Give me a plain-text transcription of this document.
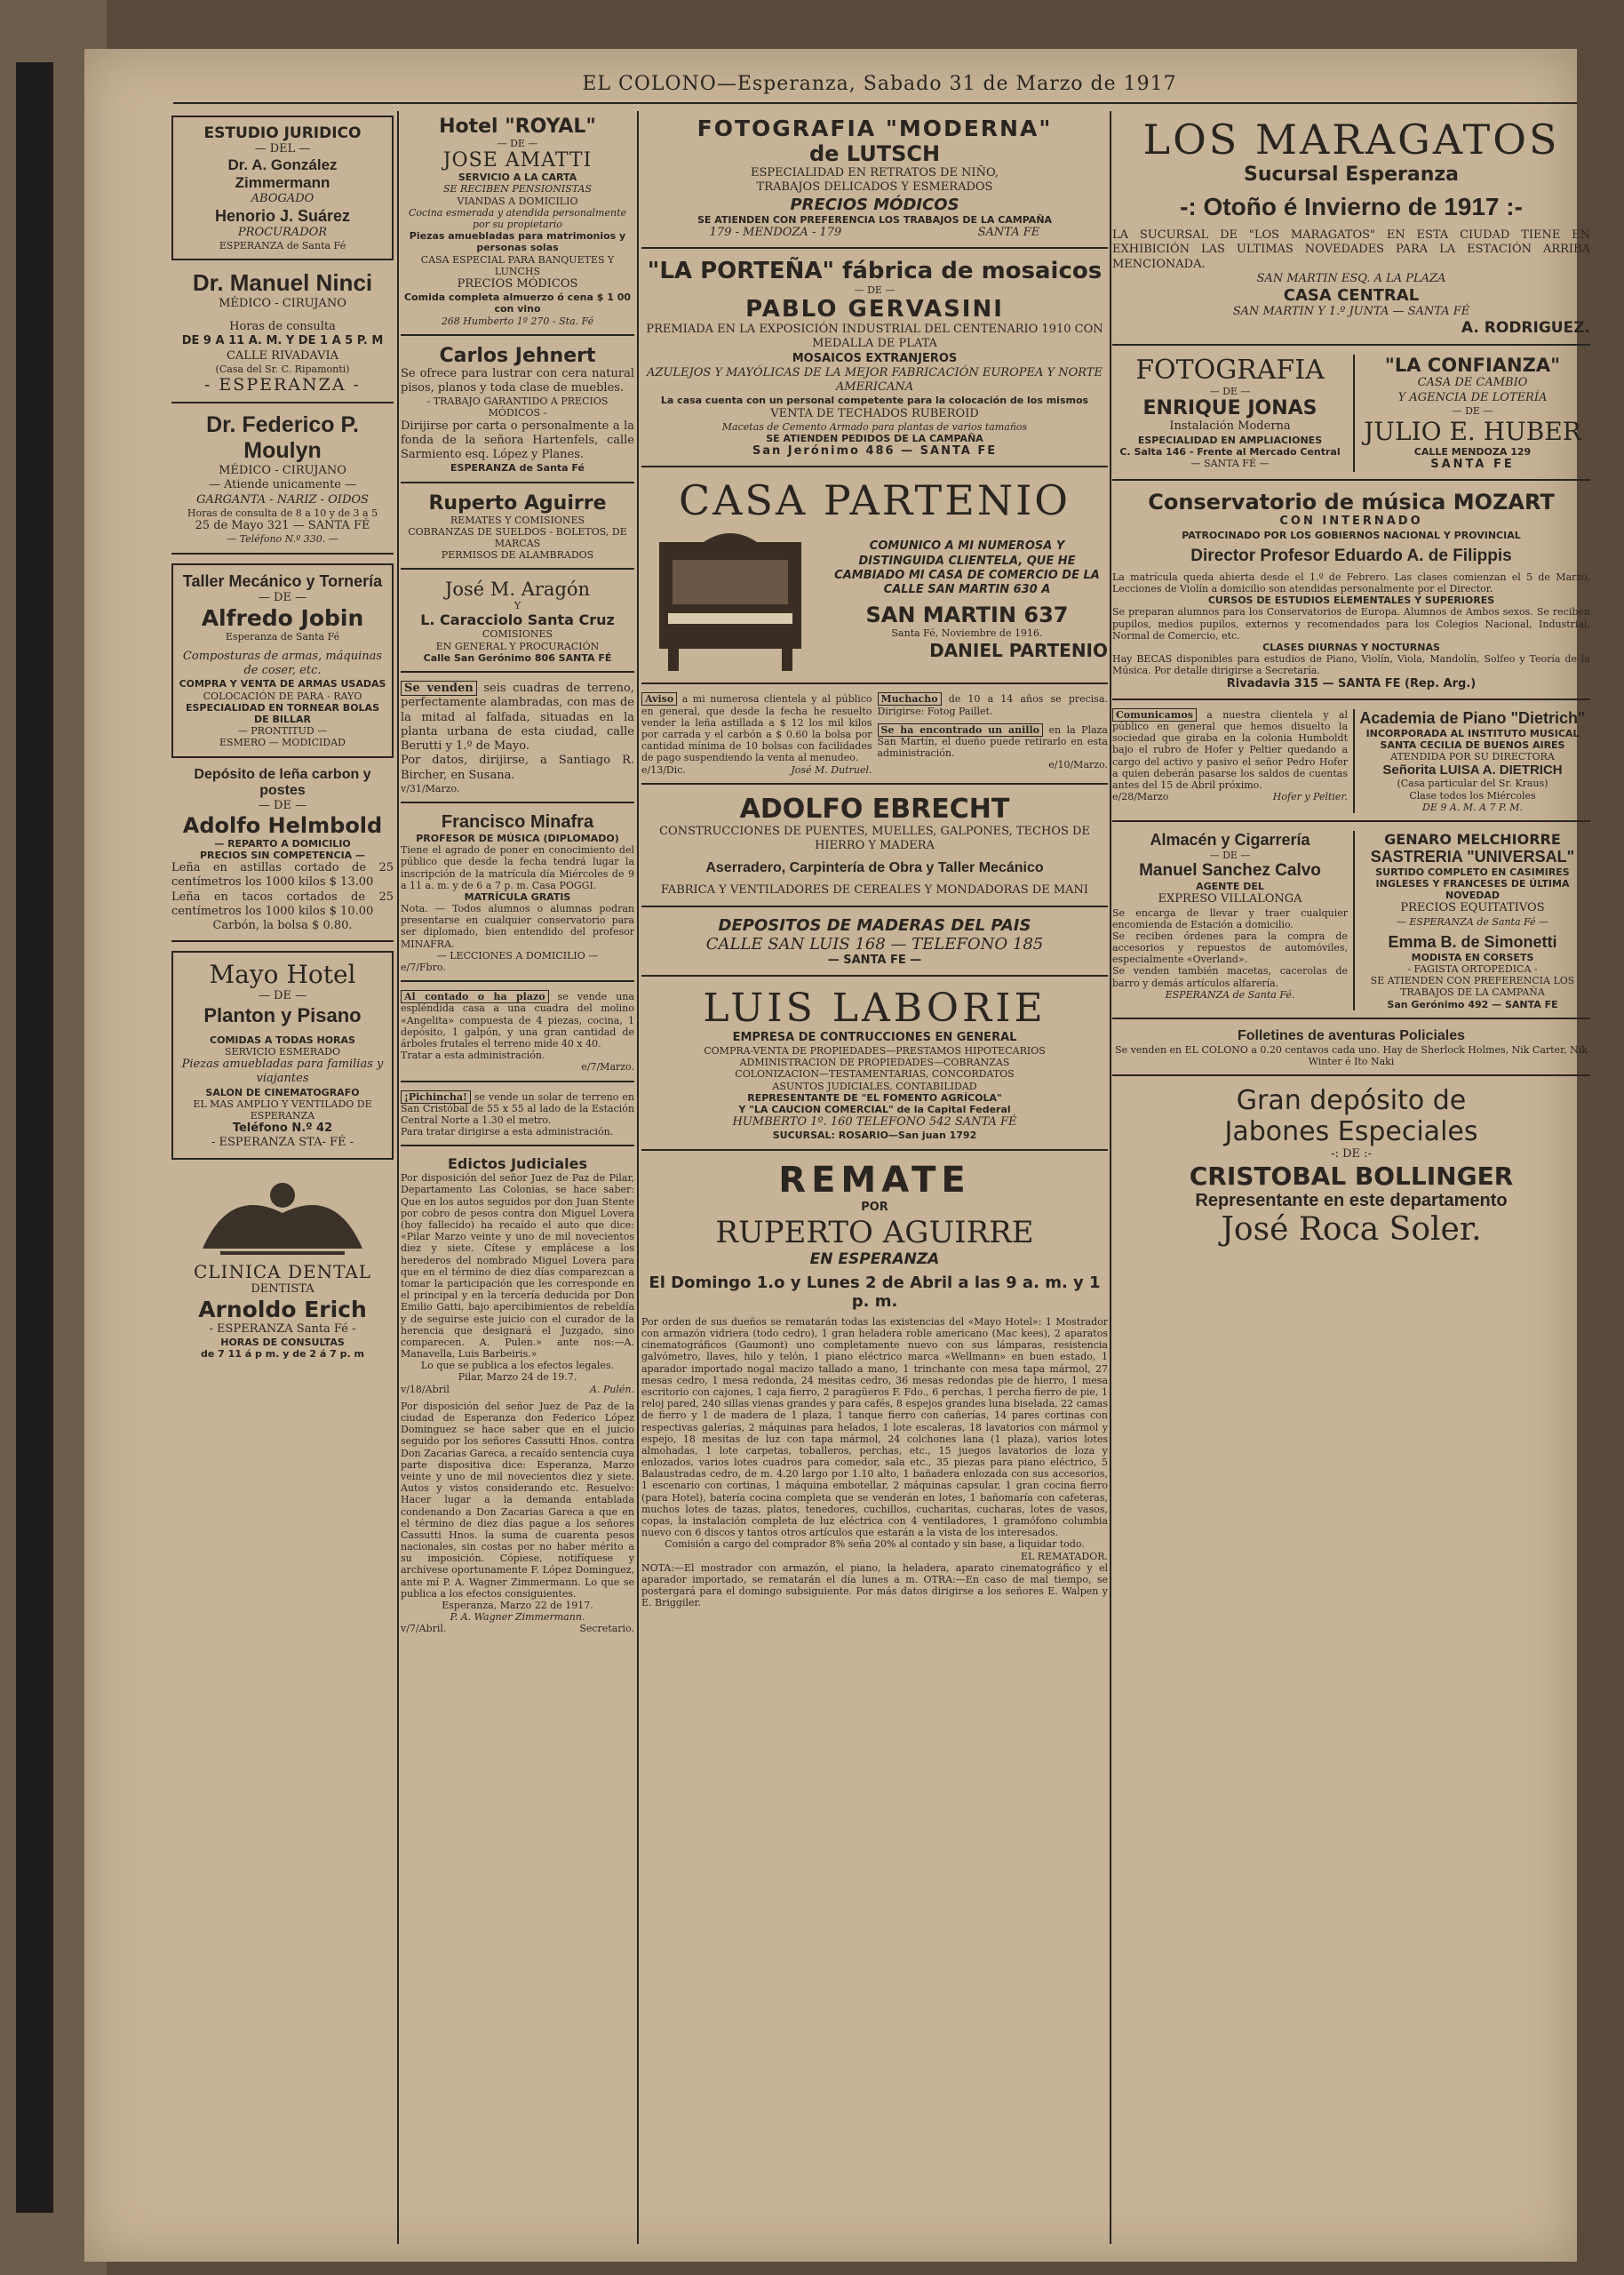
EL COLONO—Esperanza, Sabado 31 de Marzo de 1917
ESTUDIO JURIDICO
— DEL —
Dr. A. González Zimmermann
ABOGADO
Henorio J. Suárez
PROCURADOR
ESPERANZA de Santa Fé
Dr. Manuel Ninci
MÉDICO - CIRUJANO
Horas de consulta
DE 9 A 11 A. M. Y DE 1 A 5 P. M
CALLE RIVADAVIA
(Casa del Sr. C. Ripamonti)
- ESPERANZA -
Dr. Federico P. Moulyn
MÉDICO - CIRUJANO
— Atiende unicamente —
GARGANTA - NARIZ - OIDOS
Horas de consulta de 8 a 10 y de 3 a 5
25 de Mayo 321 — SANTA FÉ
— Teléfono N.º 330. —
Taller Mecánico y Tornería
— DE —
Alfredo Jobin
Esperanza de Santa Fé
Composturas de armas, máquinas de coser, etc.
COMPRA Y VENTA DE ARMAS USADAS
COLOCACIÓN DE PARA - RAYO
ESPECIALIDAD EN TORNEAR BOLAS DE BILLAR
— PRONTITUD —
ESMERO — MODICIDAD
Depósito de leña carbon y postes
— DE —
Adolfo Helmbold
— REPARTO A DOMICILIO
PRECIOS SIN COMPETENCIA —
Leña en astillas cortado de 25 centímetros los 1000 kilos $ 13.00
Leña en tacos cortados de 25 centímetros los 1000 kilos $ 10.00
Carbón, la bolsa $ 0.80.
Mayo Hotel
— DE —
Planton y Pisano
COMIDAS A TODAS HORAS
SERVICIO ESMERADO
Piezas amuebladas para familias y viajantes
SALON DE CINEMATOGRAFO
EL MAS AMPLIO Y VENTILADO DE ESPERANZA
Teléfono N.º 42
- ESPERANZA STA- FÉ -
CLINICA DENTAL
DENTISTA
Arnoldo Erich
- ESPERANZA Santa Fé -
HORAS DE CONSULTAS
de 7 11 á p m. y de 2 á 7 p. m
Hotel "ROYAL"
— DE —
JOSE AMATTI
SERVICIO A LA CARTA
SE RECIBEN PENSIONISTAS
VIANDAS A DOMICILIO
Cocina esmerada y atendida personalmente por su propietario
Piezas amuebladas para matrimonios y personas solas
CASA ESPECIAL PARA BANQUETES Y LUNCHS
PRECIOS MÓDICOS
Comida completa almuerzo ó cena $ 1 00 con vino
268 Humberto 1º 270 - Sta. Fé
Carlos Jehnert
Se ofrece para lustrar con cera natural pisos, planos y toda clase de muebles.
- TRABAJO GARANTIDO A PRECIOS MÓDICOS -
Dirijirse por carta o personalmente a la fonda de la señora Hartenfels, calle Sarmiento esq. López y Planes.
ESPERANZA de Santa Fé
Ruperto Aguirre
REMATES Y COMISIONES
COBRANZAS DE SUELDOS - BOLETOS, DE MARCAS
PERMISOS DE ALAMBRADOS
José M. Aragón
Y
L. Caracciolo Santa Cruz
COMISIONES
EN GENERAL Y PROCURACIÓN
Calle San Gerónimo 806 SANTA FÉ
Se venden seis cuadras de terreno, perfectamente alambradas, con mas de la mitad al falfada, situadas en la planta urbana de esta ciudad, calle Berutti y 1.º de Mayo.
Por datos, dirijirse, a Santiago R. Bircher, en Susana.
v/31/Marzo.
Francisco Minafra
PROFESOR DE MÚSICA (DIPLOMADO)
Tiene el agrado de poner en conocimiento del público que desde la fecha tendrá lugar la inscripción de la matrícula día Miércoles de 9 a 11 a. m. y de 6 a 7 p. m. Casa POGGI.
MATRÍCULA GRATIS
Nota. — Todos alumnos o alumnas podran presentarse en cualquier conservatorio para ser diplomado, bien entendido del profesor MINAFRA.
— LECCIONES A DOMICILIO —
e/7/Fbro.
Al contado o ha plazo se vende una espléndida casa a una cuadra del molino «Angelita» compuesta de 4 piezas, cocina, 1 depósito, 1 galpón, y una gran cantidad de árboles frutales el terreno mide 40 x 40.
Tratar a esta administración.
e/7/Marzo.
¡Pichincha! se vende un solar de terreno en San Cristóbal de 55 x 55 al lado de la Estación Central Norte a 1.30 el metro.
Para tratar dirigirse a esta administración.
Edictos Judiciales
Por disposición del señor Juez de Paz de Pilar, Departamento Las Colonias, se hace saber: Que en los autos seguidos por don Juan Stente por cobro de pesos contra don Miguel Lovera (hoy fallecido) ha recaído el auto que dice: «Pilar Marzo veinte y uno de mil novecientos diez y siete. Cítese y emplácese a los herederos del nombrado Miguel Lovera para que en el término de diez días comparezcan a tomar la participación que les corresponde en el principal y en la tercería deducida por Don Emilio Gatti, bajo apercibimientos de rebeldía y de seguirse este juicio con el curador de la herencia que designará el Juzgado, sino comparecen. A. Pulen.» ante nos:—A. Manavella, Luis Barbeiris.»
Lo que se publica a los efectos legales.
Pilar, Marzo 24 de 19.7.
v/18/Abril	A. Pulén.
Por disposición del señor Juez de Paz de la ciudad de Esperanza don Federico López Dominguez se hace saber que en el juicio seguido por los señores Cassutti Hnos. contra Don Zacarias Gareca, a recaído sentencia cuya parte dispositiva dice: Esperanza, Marzo veinte y uno de mil novecientos diez y siete. Autos y vistos considerando etc. Resuelvo: Hacer lugar a la demanda entablada condenando a Don Zacarias Gareca a que en el término de diez días pague a los señores Cassutti Hnos. la suma de cuarenta pesos nacionales, sin costas por no haber mérito a su imposición. Cópiese, notifíquese y archívese oportunamente F. López Dominguez, ante mí P. A. Wagner Zimmermann. Lo que se publica a los efectos consiguientes.
Esperanza, Marzo 22 de 1917.
P. A. Wagner Zimmermann.
v/7/Abril.	Secretario.
FOTOGRAFIA "MODERNA"
de LUTSCH
ESPECIALIDAD EN RETRATOS DE NIÑO,
TRABAJOS DELICADOS Y ESMERADOS
PRECIOS MÓDICOS
SE ATIENDEN CON PREFERENCIA LOS TRABAJOS DE LA CAMPAÑA
179 - MENDOZA - 179	SANTA FE
"LA PORTEÑA" fábrica de mosaicos
— DE —
PABLO GERVASINI
PREMIADA EN LA EXPOSICIÓN INDUSTRIAL DEL CENTENARIO 1910 CON MEDALLA DE PLATA
MOSAICOS EXTRANJEROS
AZULEJOS Y MAYÓLICAS DE LA MEJOR FABRICACIÓN EUROPEA Y NORTE AMERICANA
La casa cuenta con un personal competente para la colocación de los mismos
VENTA DE TECHADOS RUBEROID
Macetas de Cemento Armado para plantas de varios tamaños
SE ATIENDEN PEDIDOS DE LA CAMPAÑA
San Jerónimo 486 — SANTA FE
CASA PARTENIO
COMUNICO A MI NUMEROSA Y DISTINGUIDA CLIENTELA, QUE HE CAMBIADO MI CASA DE COMERCIO DE LA CALLE SAN MARTIN 630 A
SAN MARTIN 637
Santa Fé, Noviembre de 1916.
DANIEL PARTENIO
Aviso a mi numerosa clientela y al público en general, que desde la fecha he resuelto vender la leña astillada a $ 12 los mil kilos por carrada y el carbón a $ 0.60 la bolsa por cantidad mínima de 10 bolsas con facilidades de pago suspendiendo la venta al menudeo.
e/13/Dic.	José M. Dutruel.
Muchacho de 10 a 14 años se precisa. Dirigirse: Fotog Paillet.
Se ha encontrado un anillo en la Plaza San Martín, el dueño puede retirarlo en esta administración.
e/10/Marzo.
ADOLFO EBRECHT
CONSTRUCCIONES DE PUENTES, MUELLES, GALPONES, TECHOS DE HIERRO Y MADERA
Aserradero, Carpintería de Obra y Taller Mecánico
FABRICA Y VENTILADORES DE CEREALES Y MONDADORAS DE MANI
DEPOSITOS DE MADERAS DEL PAIS
CALLE SAN LUIS 168 — TELEFONO 185
— SANTA FE —
LUIS LABORIE
EMPRESA DE CONTRUCCIONES EN GENERAL
COMPRA-VENTA DE PROPIEDADES—PRESTAMOS HIPOTECARIOS
ADMINISTRACION DE PROPIEDADES—COBRANZAS
COLONIZACION—TESTAMENTARIAS, CONCORDATOS
ASUNTOS JUDICIALES, CONTABILIDAD
REPRESENTANTE DE "EL FOMENTO AGRÍCOLA"
Y "LA CAUCION COMERCIAL" de la Capital Federal
HUMBERTO 1º. 160 TELEFONO 542 SANTA FÉ
SUCURSAL: ROSARIO—San juan 1792
REMATE
POR
RUPERTO AGUIRRE
EN ESPERANZA
El Domingo 1.o y Lunes 2 de Abril a las 9 a. m. y 1 p. m.
Por orden de sus dueños se rematarán todas las existencias del «Mayo Hotel»: 1 Mostrador con armazón vidriera (todo cedro), 1 gran heladera roble americano (Mac kees), 2 aparatos cinematográficos (Gaumont) uno completamente nuevo con sus lámparas, resistencia galvómetro, llaves, hilo y telón, 1 piano eléctrico marca «Wellmann» en buen estado, 1 aparador importado nogal macizo tallado a mano, 1 trinchante con mesa tapa mármol, 27 mesas cedro, 1 mesa redonda, 24 mesitas cedro, 36 mesas redondas pie de hierro, 1 mesa escritorio con cajones, 1 caja fierro, 2 paragüeros F. Fdo., 6 perchas, 1 percha fierro de pie, 1 reloj pared, 240 sillas vienas grandes y para cafés, 8 espejos grandes luna biselada, 22 camas de fierro y 1 de madera de 1 plaza, 1 tanque fierro con cañerías, 14 pares cortinas con respectivas galerías, 2 máquinas para helados, 1 lote escaleras, 18 lavatorios con mármol y espejo, 18 mesitas de luz con tapa mármol, 24 colchones lana (1 plaza), varios lotes almohadas, 1 lote carpetas, toballeros, perchas, etc., 15 juegos lavatorios de loza y enlozados, varios lotes cuadros para comedor, sala etc., 35 piezas para piano eléctrico, 5 Balaustradas cedro, de m. 4.20 largo por 1.10 alto, 1 bañadera enlozada con sus accesorios, 1 escenario con cortinas, 1 máquina embotellar, 2 máquinas capsular, 1 gran cocina fierro (para Hotel), batería cocina completa que se venderán en lotes, 1 bañomaría con cafeteras, muchos lotes de tazas, platos, tenedores, cuchillos, cucharitas, cucharas, lotes de vasos, copas, la instalación completa de luz eléctrica con 4 ventiladores, 1 gramófono columbia nuevo con 6 discos y tantos otros artículos que estarán a la vista de los interesados.
Comisión a cargo del comprador 8% seña 20% al contado y sin base, a liquidar todo.
EL REMATADOR.
NOTA:—El mostrador con armazón, el piano, la heladera, aparato cinematográfico y el aparador importado, se rematarán el día lunes a m. OTRA:—En caso de mal tiempo, se postergará para el domingo subsiguiente. Por más datos dirigirse a los señores E. Walpen y E. Briggiler.
LOS MARAGATOS
Sucursal Esperanza
-: Otoño é Invierno de 1917 :-
LA SUCURSAL DE "LOS MARAGATOS" EN ESTA CIUDAD TIENE EN EXHIBICIÓN LAS ULTIMAS NOVEDADES PARA LA ESTACIÓN ARRIBA MENCIONADA.
SAN MARTIN ESQ. A LA PLAZA
CASA CENTRAL
SAN MARTIN Y 1.º JUNTA — SANTA FÉ
A. RODRIGUEZ.
FOTOGRAFIA
— DE —
ENRIQUE JONAS
Instalación Moderna
ESPECIALIDAD EN AMPLIACIONES
C. Salta 146 - Frente al Mercado Central
— SANTA FÉ —
"LA CONFIANZA"
CASA DE CAMBIO
Y AGENCIA DE LOTERÍA
— DE —
JULIO E. HUBER
CALLE MENDOZA 129
SANTA FE
Conservatorio de música MOZART
CON INTERNADO
PATROCINADO POR LOS GOBIERNOS NACIONAL Y PROVINCIAL
Director Profesor Eduardo A. de Filippis
La matrícula queda abierta desde el 1.º de Febrero. Las clases comienzan el 5 de Marzo. Lecciones de Violín a domicilio son atendidas personalmente por el Director.
CURSOS DE ESTUDIOS ELEMENTALES Y SUPERIORES
Se preparan alumnos para los Conservatorios de Europa. Alumnos de Ambos sexos. Se reciben pupilos, medios pupilos, externos y recomendados para los Colegios Nacional, Industrial, Normal de Comercio, etc.
CLASES DIURNAS Y NOCTURNAS
Hay BECAS disponibles para estudios de Piano, Violín, Viola, Mandolín, Solfeo y Teoría de la Música. Por detalle dirigirse a Secretaría.
Rivadavia 315 — SANTA FE (Rep. Arg.)
Comunicamos a nuestra clientela y al público en general que hemos disuelto la sociedad que giraba en la colonia Humboldt bajo el rubro de Hofer y Peltier quedando a cargo del activo y pasivo el señor Pedro Hofer a quien deberán pasarse los saldos de cuentas antes del 15 de Abril próximo.
e/28/Marzo	Hofer y Peltier.
Academia de Piano "Dietrich"
INCORPORADA AL INSTITUTO MUSICAL
SANTA CECILIA DE BUENOS AIRES
ATENDIDA POR SU DIRECTORA
Señorita LUISA A. DIETRICH
(Casa particular del Sr. Kraus)
Clase todos los Miércoles
DE 9 A. M. A 7 P. M.
Almacén y Cigarrería
— DE —
Manuel Sanchez Calvo
AGENTE DEL
EXPRESO VILLALONGA
Se encarga de llevar y traer cualquier encomienda de Estación a domicilio.
Se reciben órdenes para la compra de accesorios y repuestos de automóviles, especialmente «Overland».
Se venden también macetas, cacerolas de barro y demás artículos alfarería.
ESPERANZA de Santa Fé.
GENARO MELCHIORRE
SASTRERIA "UNIVERSAL"
SURTIDO COMPLETO EN CASIMIRES INGLESES Y FRANCESES DE ÚLTIMA NOVEDAD
PRECIOS EQUITATIVOS
— ESPERANZA de Santa Fé —
Emma B. de Simonetti
MODISTA EN CORSETS
- FAGISTA ORTOPEDICA -
SE ATIENDEN CON PREFERENCIA LOS TRABAJOS DE LA CAMPAÑA
San Gerónimo 492 — SANTA FE
Folletines de aventuras Policiales
Se venden en EL COLONO a 0.20 centavos cada uno. Hay de Sherlock Holmes, Nik Carter, Nik Winter é Ito Naki
Gran depósito de
Jabones Especiales
-: DE :-
CRISTOBAL BOLLINGER
Representante en este departamento
José Roca Soler.
